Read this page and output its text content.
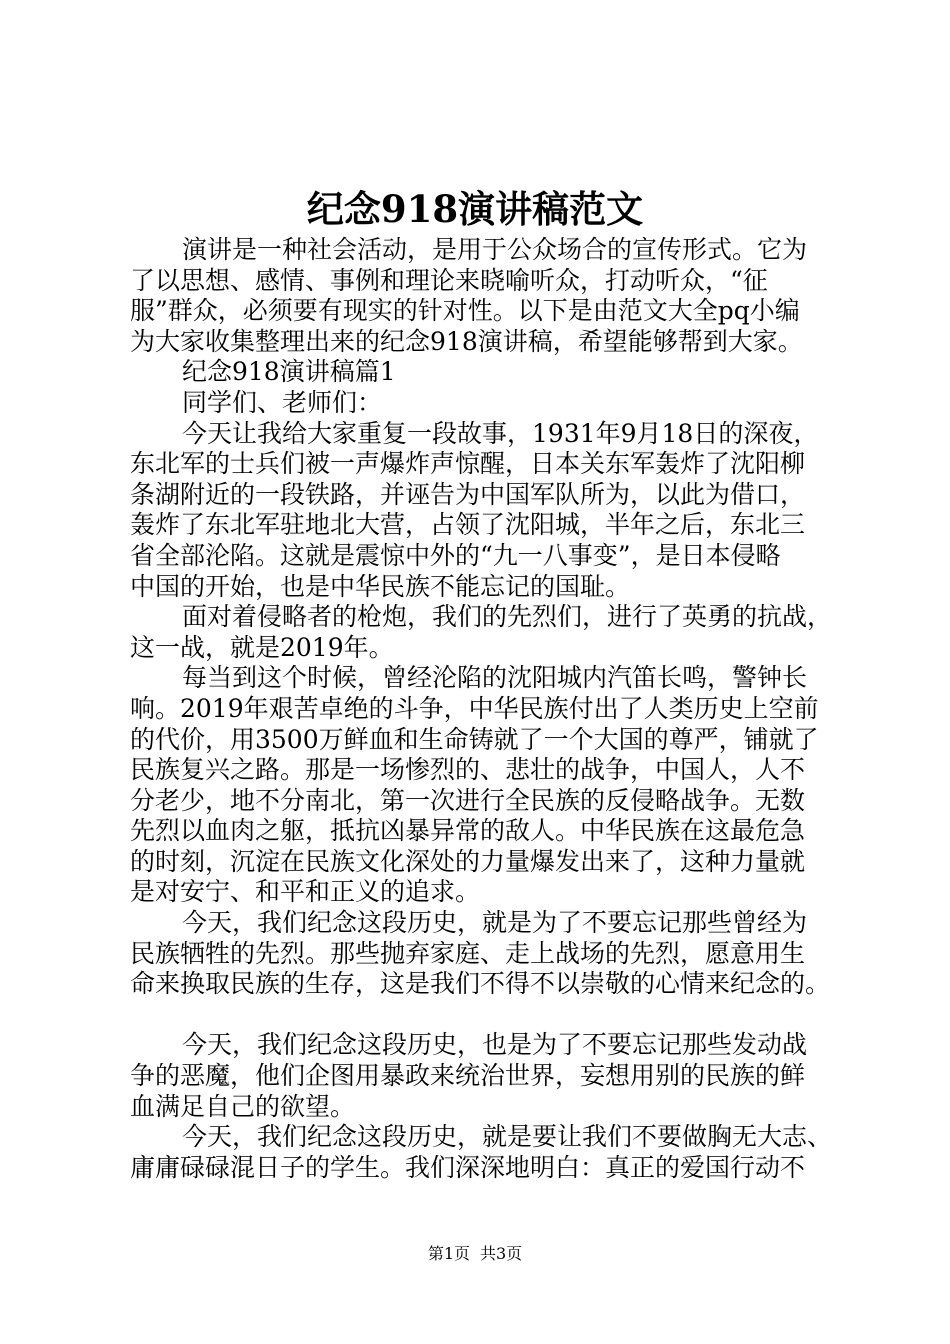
纪念918演讲稿范文
演讲是一种社会活动，是用于公众场合的宣传形式。它为
了以思想、感情、事例和理论来晓喻听众，打动听众，“征
服”群众，必须要有现实的针对性。以下是由范文大全pq小编
为大家收集整理出来的纪念918演讲稿，希望能够帮到大家。
纪念918演讲稿篇1
同学们、老师们：
今天让我给大家重复一段故事，1931年9月18日的深夜，
东北军的士兵们被一声爆炸声惊醒，日本关东军轰炸了沈阳柳
条湖附近的一段铁路，并诬告为中国军队所为，以此为借口，
轰炸了东北军驻地北大营，占领了沈阳城，半年之后，东北三
省全部沦陷。这就是震惊中外的“九一八事变”，是日本侵略
中国的开始，也是中华民族不能忘记的国耻。
面对着侵略者的枪炮，我们的先烈们，进行了英勇的抗战，
这一战，就是2019年。
每当到这个时候，曾经沦陷的沈阳城内汽笛长鸣，警钟长
响。2019年艰苦卓绝的斗争，中华民族付出了人类历史上空前
的代价，用3500万鲜血和生命铸就了一个大国的尊严，铺就了
民族复兴之路。那是一场惨烈的、悲壮的战争，中国人，人不
分老少，地不分南北，第一次进行全民族的反侵略战争。无数
先烈以血肉之躯，抵抗凶暴异常的敌人。中华民族在这最危急
的时刻，沉淀在民族文化深处的力量爆发出来了，这种力量就
是对安宁、和平和正义的追求。
今天，我们纪念这段历史，就是为了不要忘记那些曾经为
民族牺牲的先烈。那些抛弃家庭、走上战场的先烈，愿意用生
命来换取民族的生存，这是我们不得不以崇敬的心情来纪念的。
今天，我们纪念这段历史，也是为了不要忘记那些发动战
争的恶魔，他们企图用暴政来统治世界，妄想用别的民族的鲜
血满足自己的欲望。
今天，我们纪念这段历史，就是要让我们不要做胸无大志、
庸庸碌碌混日子的学生。我们深深地明白：真正的爱国行动不
第1页 共3页
